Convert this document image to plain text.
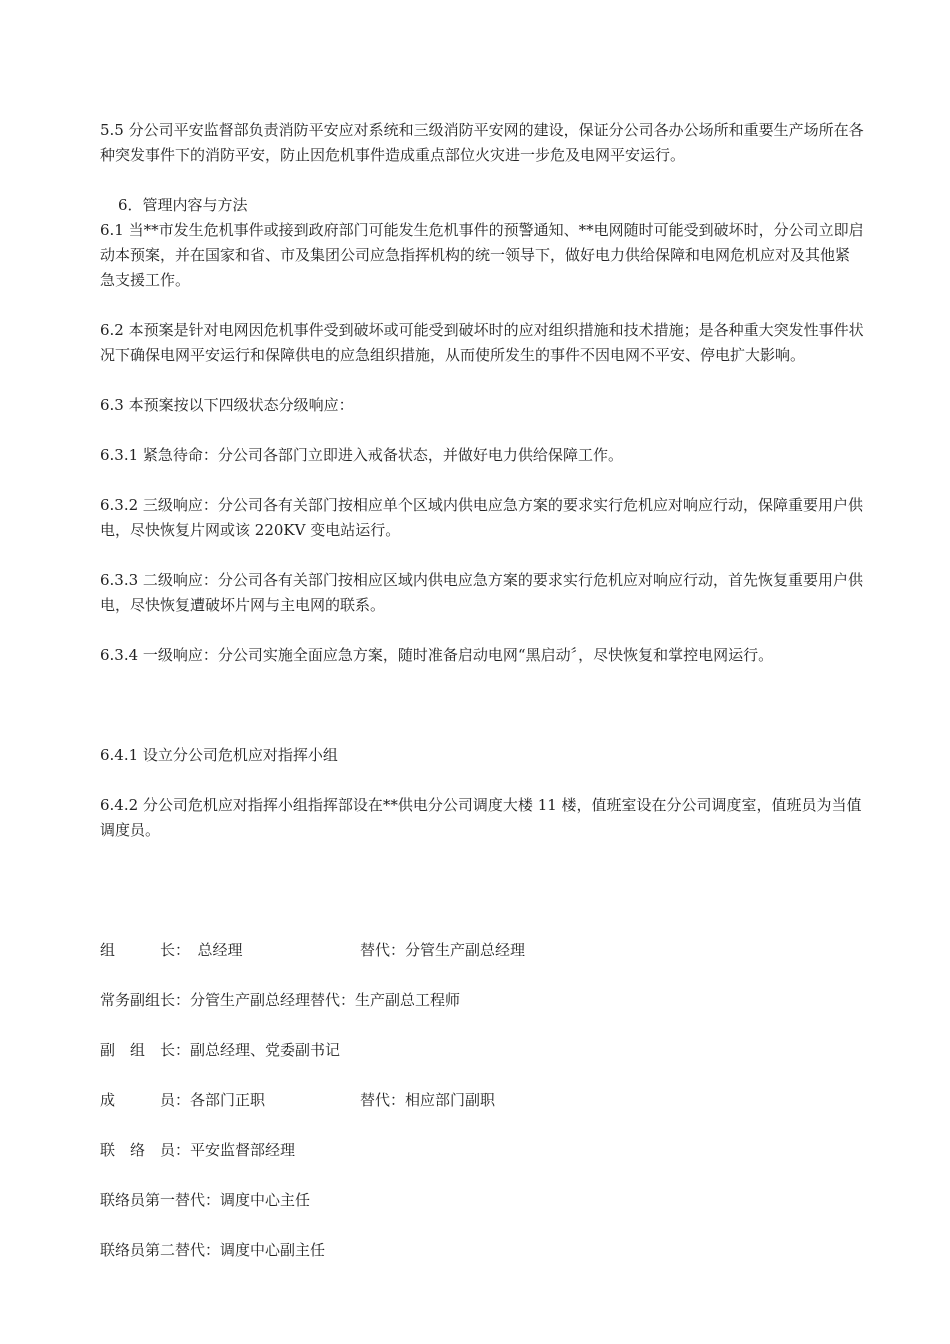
5.5 分公司平安监督部负责消防平安应对系统和三级消防平安网的建设，保证分公司各办公场所和重要生产场所在各种突发事件下的消防平安，防止因危机事件造成重点部位火灾进一步危及电网平安运行。

6．管理内容与方法

6.1 当**市发生危机事件或接到政府部门可能发生危机事件的预警通知、**电网随时可能受到破坏时，分公司立即启动本预案，并在国家和省、市及集团公司应急指挥机构的统一领导下，做好电力供给保障和电网危机应对及其他紧急支援工作。

6.2 本预案是针对电网因危机事件受到破坏或可能受到破坏时的应对组织措施和技术措施；是各种重大突发性事件状况下确保电网平安运行和保障供电的应急组织措施，从而使所发生的事件不因电网不平安、停电扩大影响。

6.3 本预案按以下四级状态分级响应：

6.3.1 紧急待命：分公司各部门立即进入戒备状态，并做好电力供给保障工作。

6.3.2 三级响应：分公司各有关部门按相应单个区域内供电应急方案的要求实行危机应对响应行动，保障重要用户供电，尽快恢复片网或该 220KV 变电站运行。

6.3.3 二级响应：分公司各有关部门按相应区域内供电应急方案的要求实行危机应对响应行动，首先恢复重要用户供电，尽快恢复遭破坏片网与主电网的联系。

6.3.4 一级响应：分公司实施全面应急方案，随时准备启动电网“黑启动〞，尽快恢复和掌控电网运行。

6.4.1 设立分公司危机应对指挥小组

6.4.2 分公司危机应对指挥小组指挥部设在**供电分公司调度大楼 11 楼，值班室设在分公司调度室，值班员为当值调度员。

组　　　长：　总经理	替代：分管生产副总经理
常务副组长：分管生产副总经理替代：生产副总工程师
副　组　长：副总经理、党委副书记
成　　　员：各部门正职	替代：相应部门副职
联　络　员：平安监督部经理
联络员第一替代：调度中心主任
联络员第二替代：调度中心副主任
